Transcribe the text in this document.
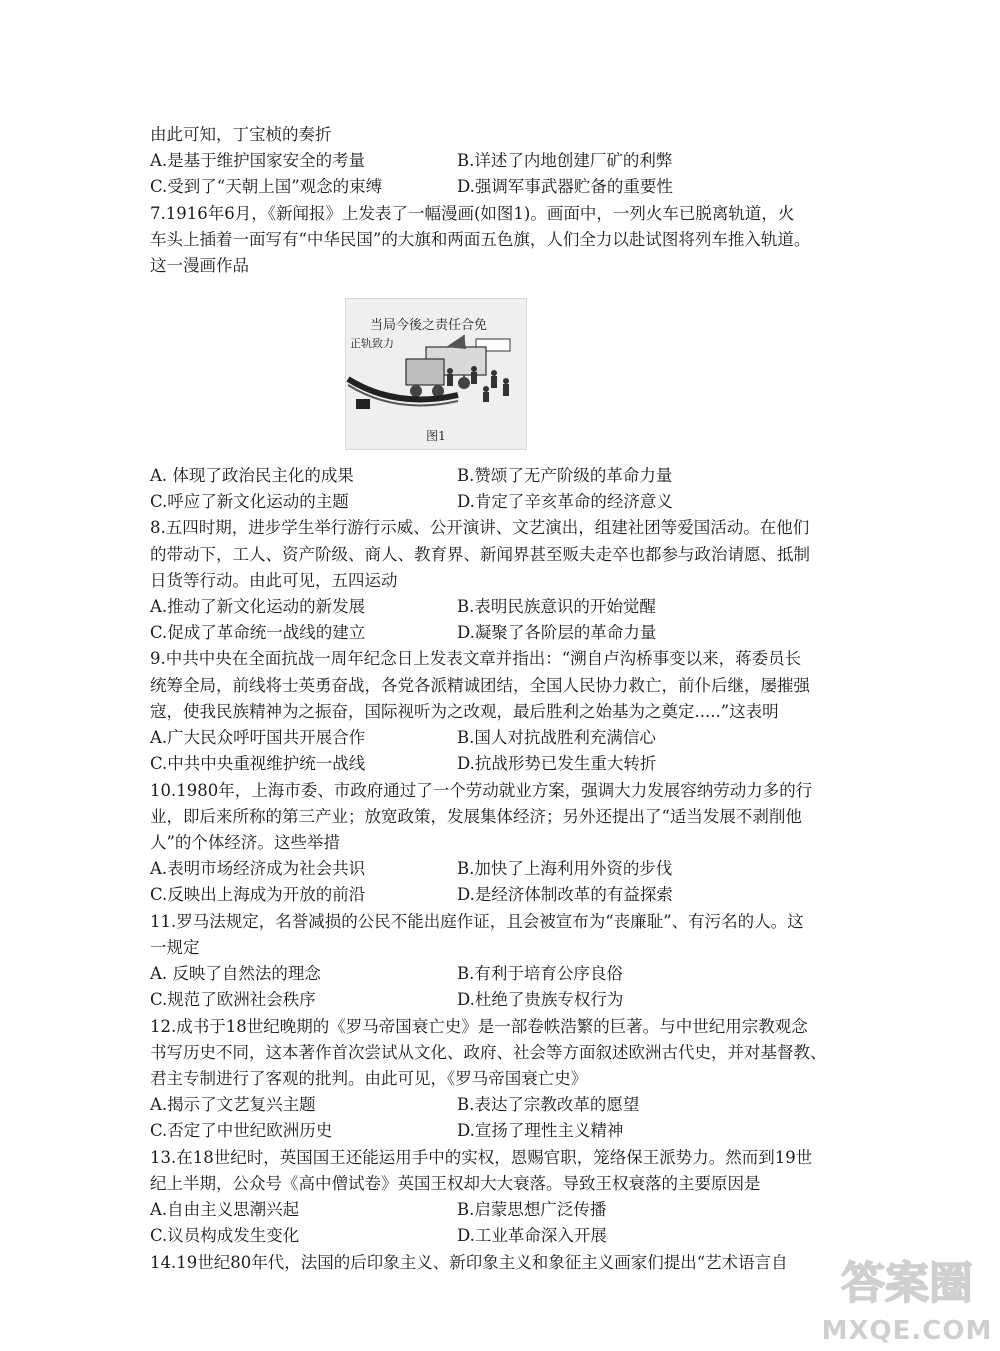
由此可知，丁宝桢的奏折
A.是基于维护国家安全的考量	B.详述了内地创建厂矿的利弊
C.受到了“天朝上国”观念的束缚	D.强调军事武器贮备的重要性
7.1916年6月，《新闻报》上发表了一幅漫画(如图1)。画面中，一列火车已脱离轨道，火
车头上插着一面写有“中华民国”的大旗和两面五色旗，人们全力以赴试图将列车推入轨道。
这一漫画作品
当局今後之责任合免
正轨致力
图1
A. 体现了政治民主化的成果	B.赞颂了无产阶级的革命力量
C.呼应了新文化运动的主题	D.肯定了辛亥革命的经济意义
8.五四时期，进步学生举行游行示威、公开演讲、文艺演出，组建社团等爱国活动。在他们
的带动下，工人、资产阶级、商人、教育界、新闻界甚至贩夫走卒也都参与政治请愿、抵制
日货等行动。由此可见，五四运动
A.推动了新文化运动的新发展	B.表明民族意识的开始觉醒
C.促成了革命统一战线的建立	D.凝聚了各阶层的革命力量
9.中共中央在全面抗战一周年纪念日上发表文章并指出：“溯自卢沟桥事变以来，蒋委员长
统筹全局，前线将士英勇奋战，各党各派精诚团结，全国人民协力救亡，前仆后继，屡摧强
寇，使我民族精神为之振奋，国际视听为之改观，最后胜利之始基为之奠定.....”这表明
A.广大民众呼吁国共开展合作	B.国人对抗战胜利充满信心
C.中共中央重视维护统一战线	D.抗战形势已发生重大转折
10.1980年，上海市委、市政府通过了一个劳动就业方案，强调大力发展容纳劳动力多的行
业，即后来所称的第三产业；放宽政策，发展集体经济；另外还提出了“适当发展不剥削他
人”的个体经济。这些举措
A.表明市场经济成为社会共识	B.加快了上海利用外资的步伐
C.反映出上海成为开放的前沿	D.是经济体制改革的有益探索
11.罗马法规定，名誉减损的公民不能出庭作证，且会被宣布为“丧廉耻”、有污名的人。这
一规定
A. 反映了自然法的理念	B.有利于培育公序良俗
C.规范了欧洲社会秩序	D.杜绝了贵族专权行为
12.成书于18世纪晚期的《罗马帝国衰亡史》是一部卷帙浩繁的巨著。与中世纪用宗教观念
书写历史不同，这本著作首次尝试从文化、政府、社会等方面叙述欧洲古代史，并对基督教、
君主专制进行了客观的批判。由此可见，《罗马帝国衰亡史》
A.揭示了文艺复兴主题	B.表达了宗教改革的愿望
C.否定了中世纪欧洲历史	D.宣扬了理性主义精神
13.在18世纪时，英国国王还能运用手中的实权，恩赐官职，笼络保王派势力。然而到19世
纪上半期，公众号《高中僧试卷》英国王权却大大衰落。导致王权衰落的主要原因是
A.自由主义思潮兴起	B.启蒙思想广泛传播
C.议员构成发生变化	D.工业革命深入开展
14.19世纪80年代，法国的后印象主义、新印象主义和象征主义画家们提出“艺术语言自	答案圈
MXQE.COM
